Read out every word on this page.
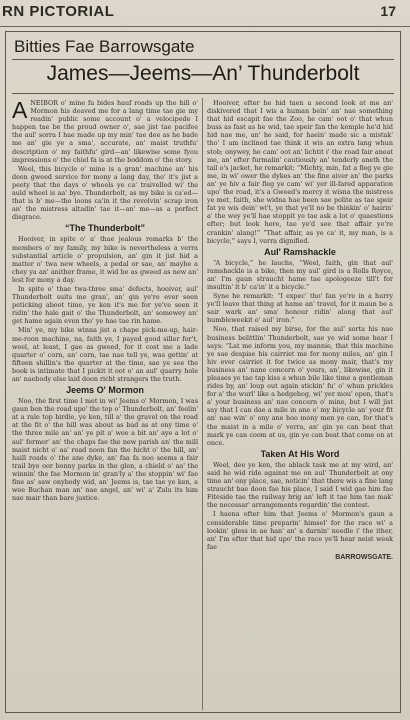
RN PICTORIAL	17
Bitties Fae Barrowsgate
James—Jeems—An’ Thunderbolt

ANEIBOR o' mine fa bides hauf roads up the hill o' Mormon his deaved me for a lang time tae gie my readin' public some account o' a velocipede I happen tae be the proud owner o', sae jist tae pacifee the aul' sorra I hae made up my min' tae dee as he bade me an' gie ye a sma', accurate, an' maist truthfu' description o' my faithfu' gird—an' likewise some fyou impressions o' the chiel fa is at the boddom o' the story.

Weel, this bicycle o' mine is a gran' machine an' his deen gweed service for mony a lang day, tho' it's jist a peety that the days o' wheels ye ca' traivelled wi' the auld wheel is aa' bye. Thunderbolt, as my bike is ca'ed—that is b' me—the loons ca'in it the revolvin' scrap iron an' the mistress altadin' tae it—an' me—as a perfect disgrace.

“The Thunderbolt”

Hooiver, in spite o' a' thae jealous remarks b' the members o' my family, my bike is nevertheless a verra substantial article o' propulsion, an' gin it jist hid a matter o' twa new wheels, a pedal or sae, an' maybe a chey ya an' anither frame, it wid be as gweed as new an' lest for mony a day.

In spite o' thae twa-three sma' defects, hooiver, aul' Thunderbolt suits me gran', an' gin ye're ever seen peticking aboot time, ye ken it's me for ye've seen it ridin' the hale gait o' the Thunderbolt, an' somewey an' get hame again even tho' ye hae tae rin hame.

Min' ye, my bike winna jist a chape pick-me-up, hair-me-roon machine, na, faith ye, I payed good siller for't, weel, at least, I gae as gweed, for it cost me a lade quarter o' corn, an' corn, tae nae tell ye, was gettin' at fifteen shillin's the quarter at the time, sae ye see the book is intimate that I pickit it oot o' an aul' quarry hole an' naebody else laid doon richt strangers the truth.

Jeems O' Mormon

Noo, the first time I met in wi' Jeems o' Mormon, I was gaun ben the road upo' the top o' Thunderbolt, an' feelin' at a rale top birdie, ye ken, till a' the gravel on the road at the fit o' the hill was about as bad as at ony time o' the three mile an' an' ye pit a' wee a bit an' aye a lot o' aul' fermer' an' the chaps fae the new parish an' the mill maist nicht o' aa' road noon fan the hicht o' the hill, an' haill roads o' the ane dyke, an' faa fa noo seems a fair trail bye oor bonny parks in the glen, a chield o' aa' the winnin' the fae Mormon in' gran'ly a' the stoppin' wi' fae fine as' saw onybody wid, an' Jeems is, tae tae ye ken, a wee Buchan man an' nae angel, an' wi' a' Zulu its him nae mair than bare justice.

Hooiver, efter he hid taen a second look at me an' diskivered that I wis a human bein' an' nae something that hid escapit fae the Zoo, he cam' oot o' that whun buss as fast as he wid, tae speir fan the kemple he'd hid hid nae me, an' he said, for haein' made sic a mistak' tho' I am inclined tae think it wis an extra lang whun stob; onywey, he cam' oot an' lichtit i' the road fair aneat me, an' efter furmalin' cautiously an' tenderly aneth the tail o's jacket, he remarkit: “Michty, min, fat a fleg ye gie me, in wi' ower the dykes an' the fine aiver an' the parks an' ye hiv a fair fleg ye cam' wi' yer ill-fared apparation upo' the road, it's a Gweed's mercy it wisna the mistress ye met, faith, she widna hae been sae polite as tae speir fat ye wis dein' wi't, ye that ye'll no be thinkin' o' hairin' a' the wey ye'll hae stoppit ye tae ask a lot o' quaestions efter; but look here, tae ye'd see that affair ye're crankin' alang!” “That affair, as ye ca' it, my man, is a bicycle,” says I, verra dignified.

Aul' Ramshackle

“A bicycle,” he lauchs, “Weel, faith, gin that aul' ramshackle is a bike, then my aul' gird is a Rolls Royce, an' I'm gaun straucht hame tae apologeeze till't for insultin' it b' ca'in' it a bicycle.”

Syne he remarkit: “I expec' tho' fan ye're in a hurry ye'll leave that thing at hame an' travel, for it maun be a sair wark an' sma' honour ridin' along that aul' humbleweekit o' aul' iron.”

Noo, that raised my birse, for the aul' sorta his nae business belittlin' Thunderbolt, sae ye wid some hear I says: “Lat me inform you, my mannie, that this machine ye sae despise his cairriet me for mony miles, an' gin I hiv ever cairriet it for twice as mony mair, that's my business an' nane concern o' yours, an', likewise, gin it pleases ye tae tap kiss a whun bile like time a gentleman rides by, an' loup out again stickin' fu' o' whun prickles for a' the wurl' like a hedgehog, wi' yer mou' open, that's a' your business an' nae concern o' mine, but I will jist say that I can dae a mile in ane o' my bicycle an' your fit an' nae win' o' ony ane hoo mony men ye can, for that's the maist in a mile o' verra, an' gin ye can beat that mark ye can coom at us, gin ye can beat that come on at once.

Taken At His Word

Weel, dee ye ken, the ablack task me at my wird, an' said he wid ride against me on aul' Thunderbolt at ony time an' ony place, sae, noticin' that there wis a fine lang straucht bae doon fae his place, I said I wid gae him fae Fiteside tae the railway brig an' left it tae him tae mak' the necessar' arrangements regardin' the contest.

I haena efter him that Jeems o' Mormon's gaun a considerable time preparin' himsel' for the race wi' a lookin' gless in ae han' an' a darnin' needle i' the ither, an' I'm efter that hid upo' the race ye'll hear neist week fae

BARROWSGATE.
